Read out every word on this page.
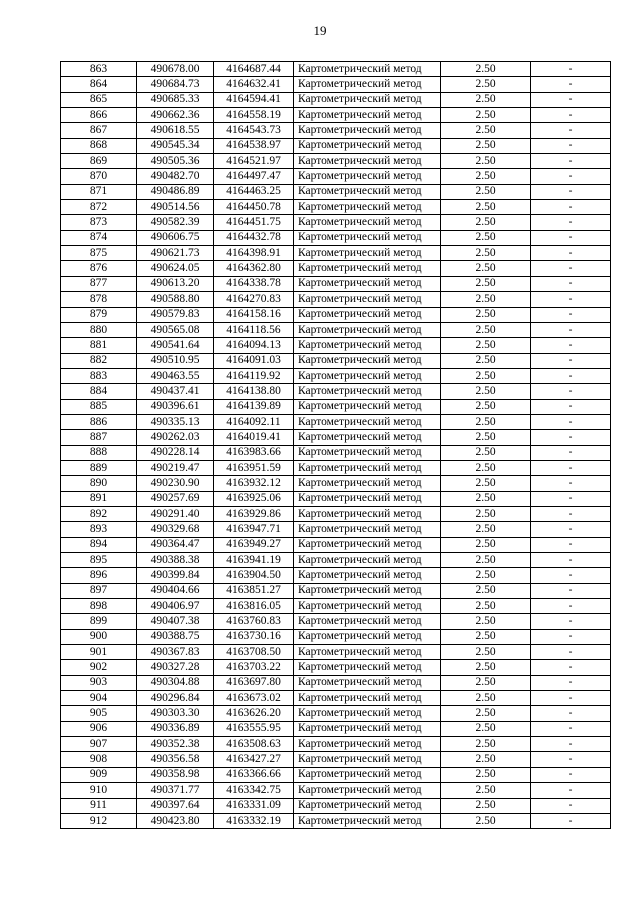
19
863	490678.00	4164687.44	Картометрический метод	2.50	-
864	490684.73	4164632.41	Картометрический метод	2.50	-
865	490685.33	4164594.41	Картометрический метод	2.50	-
866	490662.36	4164558.19	Картометрический метод	2.50	-
867	490618.55	4164543.73	Картометрический метод	2.50	-
868	490545.34	4164538.97	Картометрический метод	2.50	-
869	490505.36	4164521.97	Картометрический метод	2.50	-
870	490482.70	4164497.47	Картометрический метод	2.50	-
871	490486.89	4164463.25	Картометрический метод	2.50	-
872	490514.56	4164450.78	Картометрический метод	2.50	-
873	490582.39	4164451.75	Картометрический метод	2.50	-
874	490606.75	4164432.78	Картометрический метод	2.50	-
875	490621.73	4164398.91	Картометрический метод	2.50	-
876	490624.05	4164362.80	Картометрический метод	2.50	-
877	490613.20	4164338.78	Картометрический метод	2.50	-
878	490588.80	4164270.83	Картометрический метод	2.50	-
879	490579.83	4164158.16	Картометрический метод	2.50	-
880	490565.08	4164118.56	Картометрический метод	2.50	-
881	490541.64	4164094.13	Картометрический метод	2.50	-
882	490510.95	4164091.03	Картометрический метод	2.50	-
883	490463.55	4164119.92	Картометрический метод	2.50	-
884	490437.41	4164138.80	Картометрический метод	2.50	-
885	490396.61	4164139.89	Картометрический метод	2.50	-
886	490335.13	4164092.11	Картометрический метод	2.50	-
887	490262.03	4164019.41	Картометрический метод	2.50	-
888	490228.14	4163983.66	Картометрический метод	2.50	-
889	490219.47	4163951.59	Картометрический метод	2.50	-
890	490230.90	4163932.12	Картометрический метод	2.50	-
891	490257.69	4163925.06	Картометрический метод	2.50	-
892	490291.40	4163929.86	Картометрический метод	2.50	-
893	490329.68	4163947.71	Картометрический метод	2.50	-
894	490364.47	4163949.27	Картометрический метод	2.50	-
895	490388.38	4163941.19	Картометрический метод	2.50	-
896	490399.84	4163904.50	Картометрический метод	2.50	-
897	490404.66	4163851.27	Картометрический метод	2.50	-
898	490406.97	4163816.05	Картометрический метод	2.50	-
899	490407.38	4163760.83	Картометрический метод	2.50	-
900	490388.75	4163730.16	Картометрический метод	2.50	-
901	490367.83	4163708.50	Картометрический метод	2.50	-
902	490327.28	4163703.22	Картометрический метод	2.50	-
903	490304.88	4163697.80	Картометрический метод	2.50	-
904	490296.84	4163673.02	Картометрический метод	2.50	-
905	490303.30	4163626.20	Картометрический метод	2.50	-
906	490336.89	4163555.95	Картометрический метод	2.50	-
907	490352.38	4163508.63	Картометрический метод	2.50	-
908	490356.58	4163427.27	Картометрический метод	2.50	-
909	490358.98	4163366.66	Картометрический метод	2.50	-
910	490371.77	4163342.75	Картометрический метод	2.50	-
911	490397.64	4163331.09	Картометрический метод	2.50	-
912	490423.80	4163332.19	Картометрический метод	2.50	-
